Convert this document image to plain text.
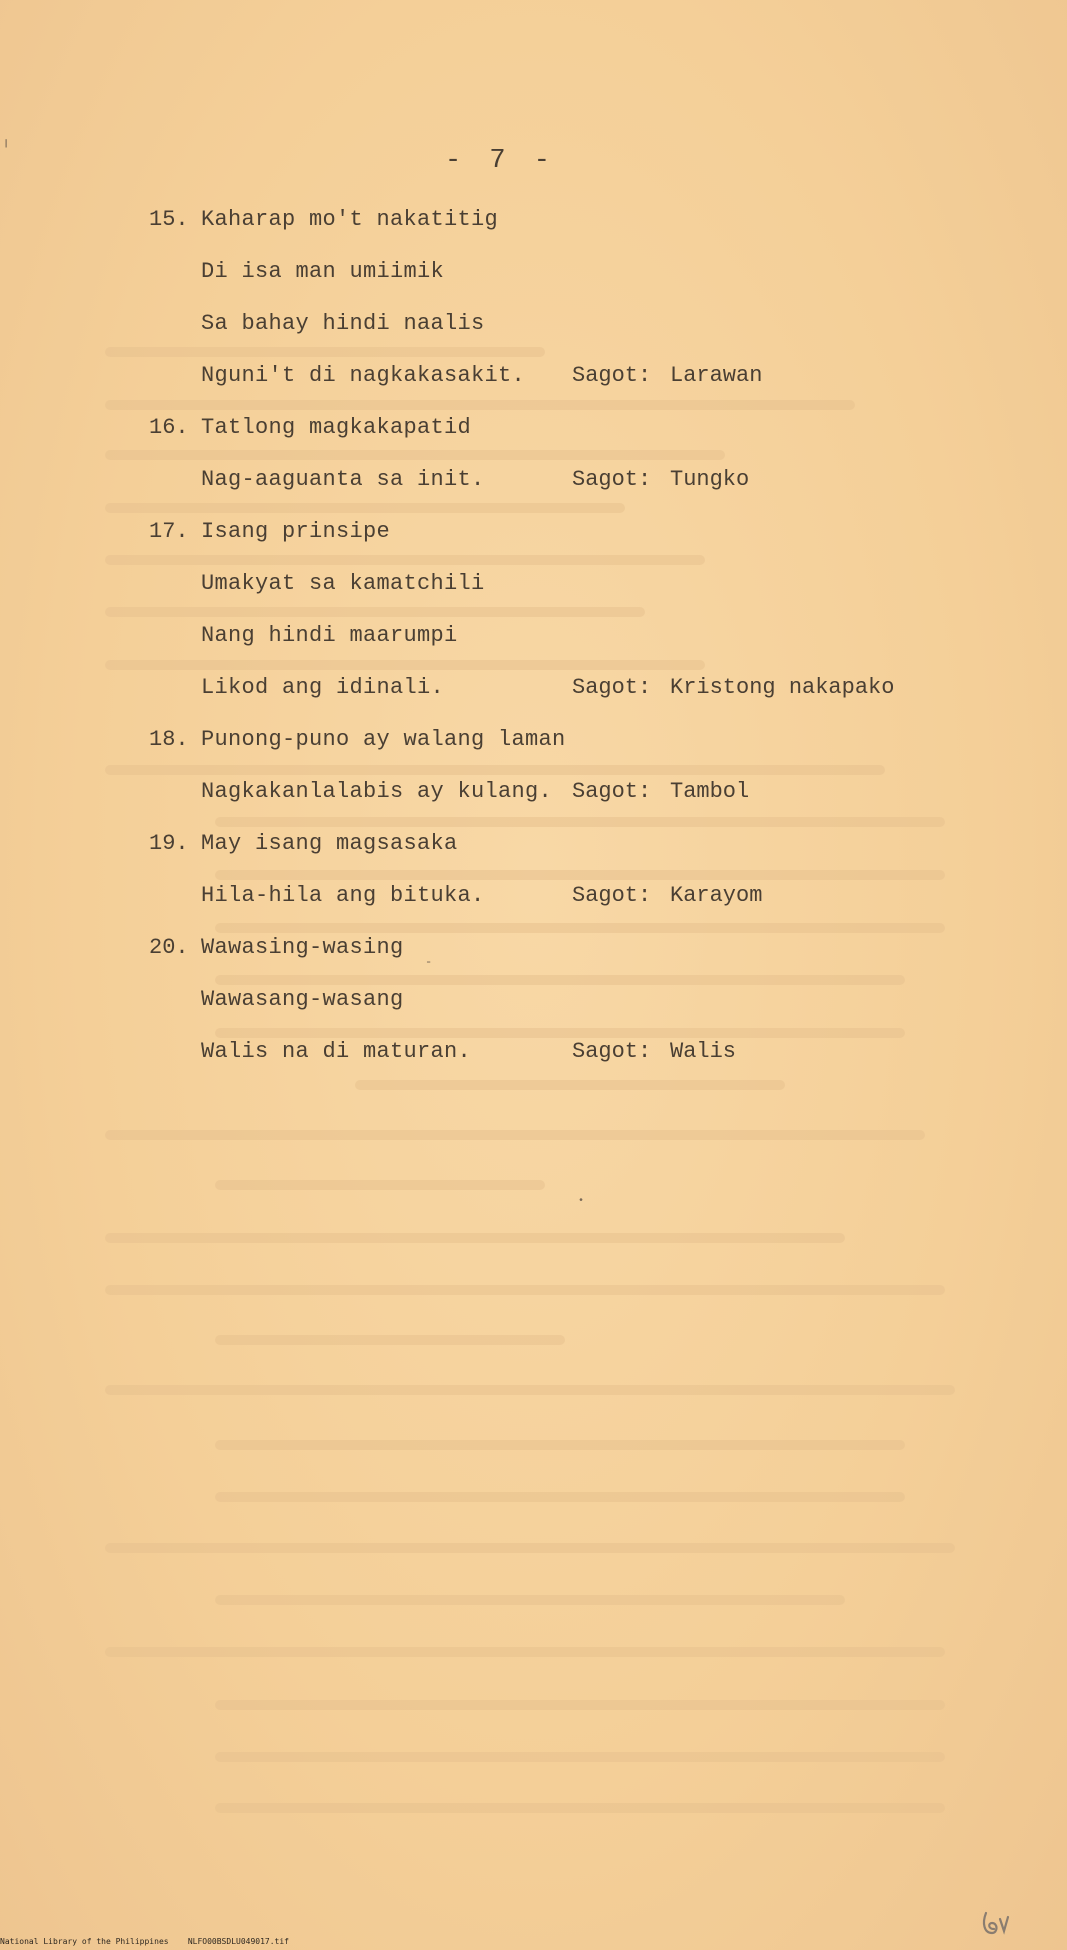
╷
- 7 -
15. Kaharap mo't nakatitig
Di isa man umiimik
Sa bahay hindi naalis
Nguni't di nagkakasakit. Sagot: Larawan
16. Tatlong magkakapatid
Nag-aaguanta sa init.	Sagot: Tungko
17. Isang prinsipe
Umakyat sa kamatchili
Nang hindi maarumpi
Likod ang idinali.	Sagot: Kristong nakapako
18. Punong-puno ay walang laman
Nagkakanlalabis ay kulang. Sagot: Tambol
19. May isang magsasaka
Hila-hila ang bituka.	Sagot: Karayom
20. Wawasing-wasing
Wawasang-wasang
Walis na di maturan.	Sagot: Walis
•
-
National Library of the Philippines    NLFO00BSDLU049017.tif
